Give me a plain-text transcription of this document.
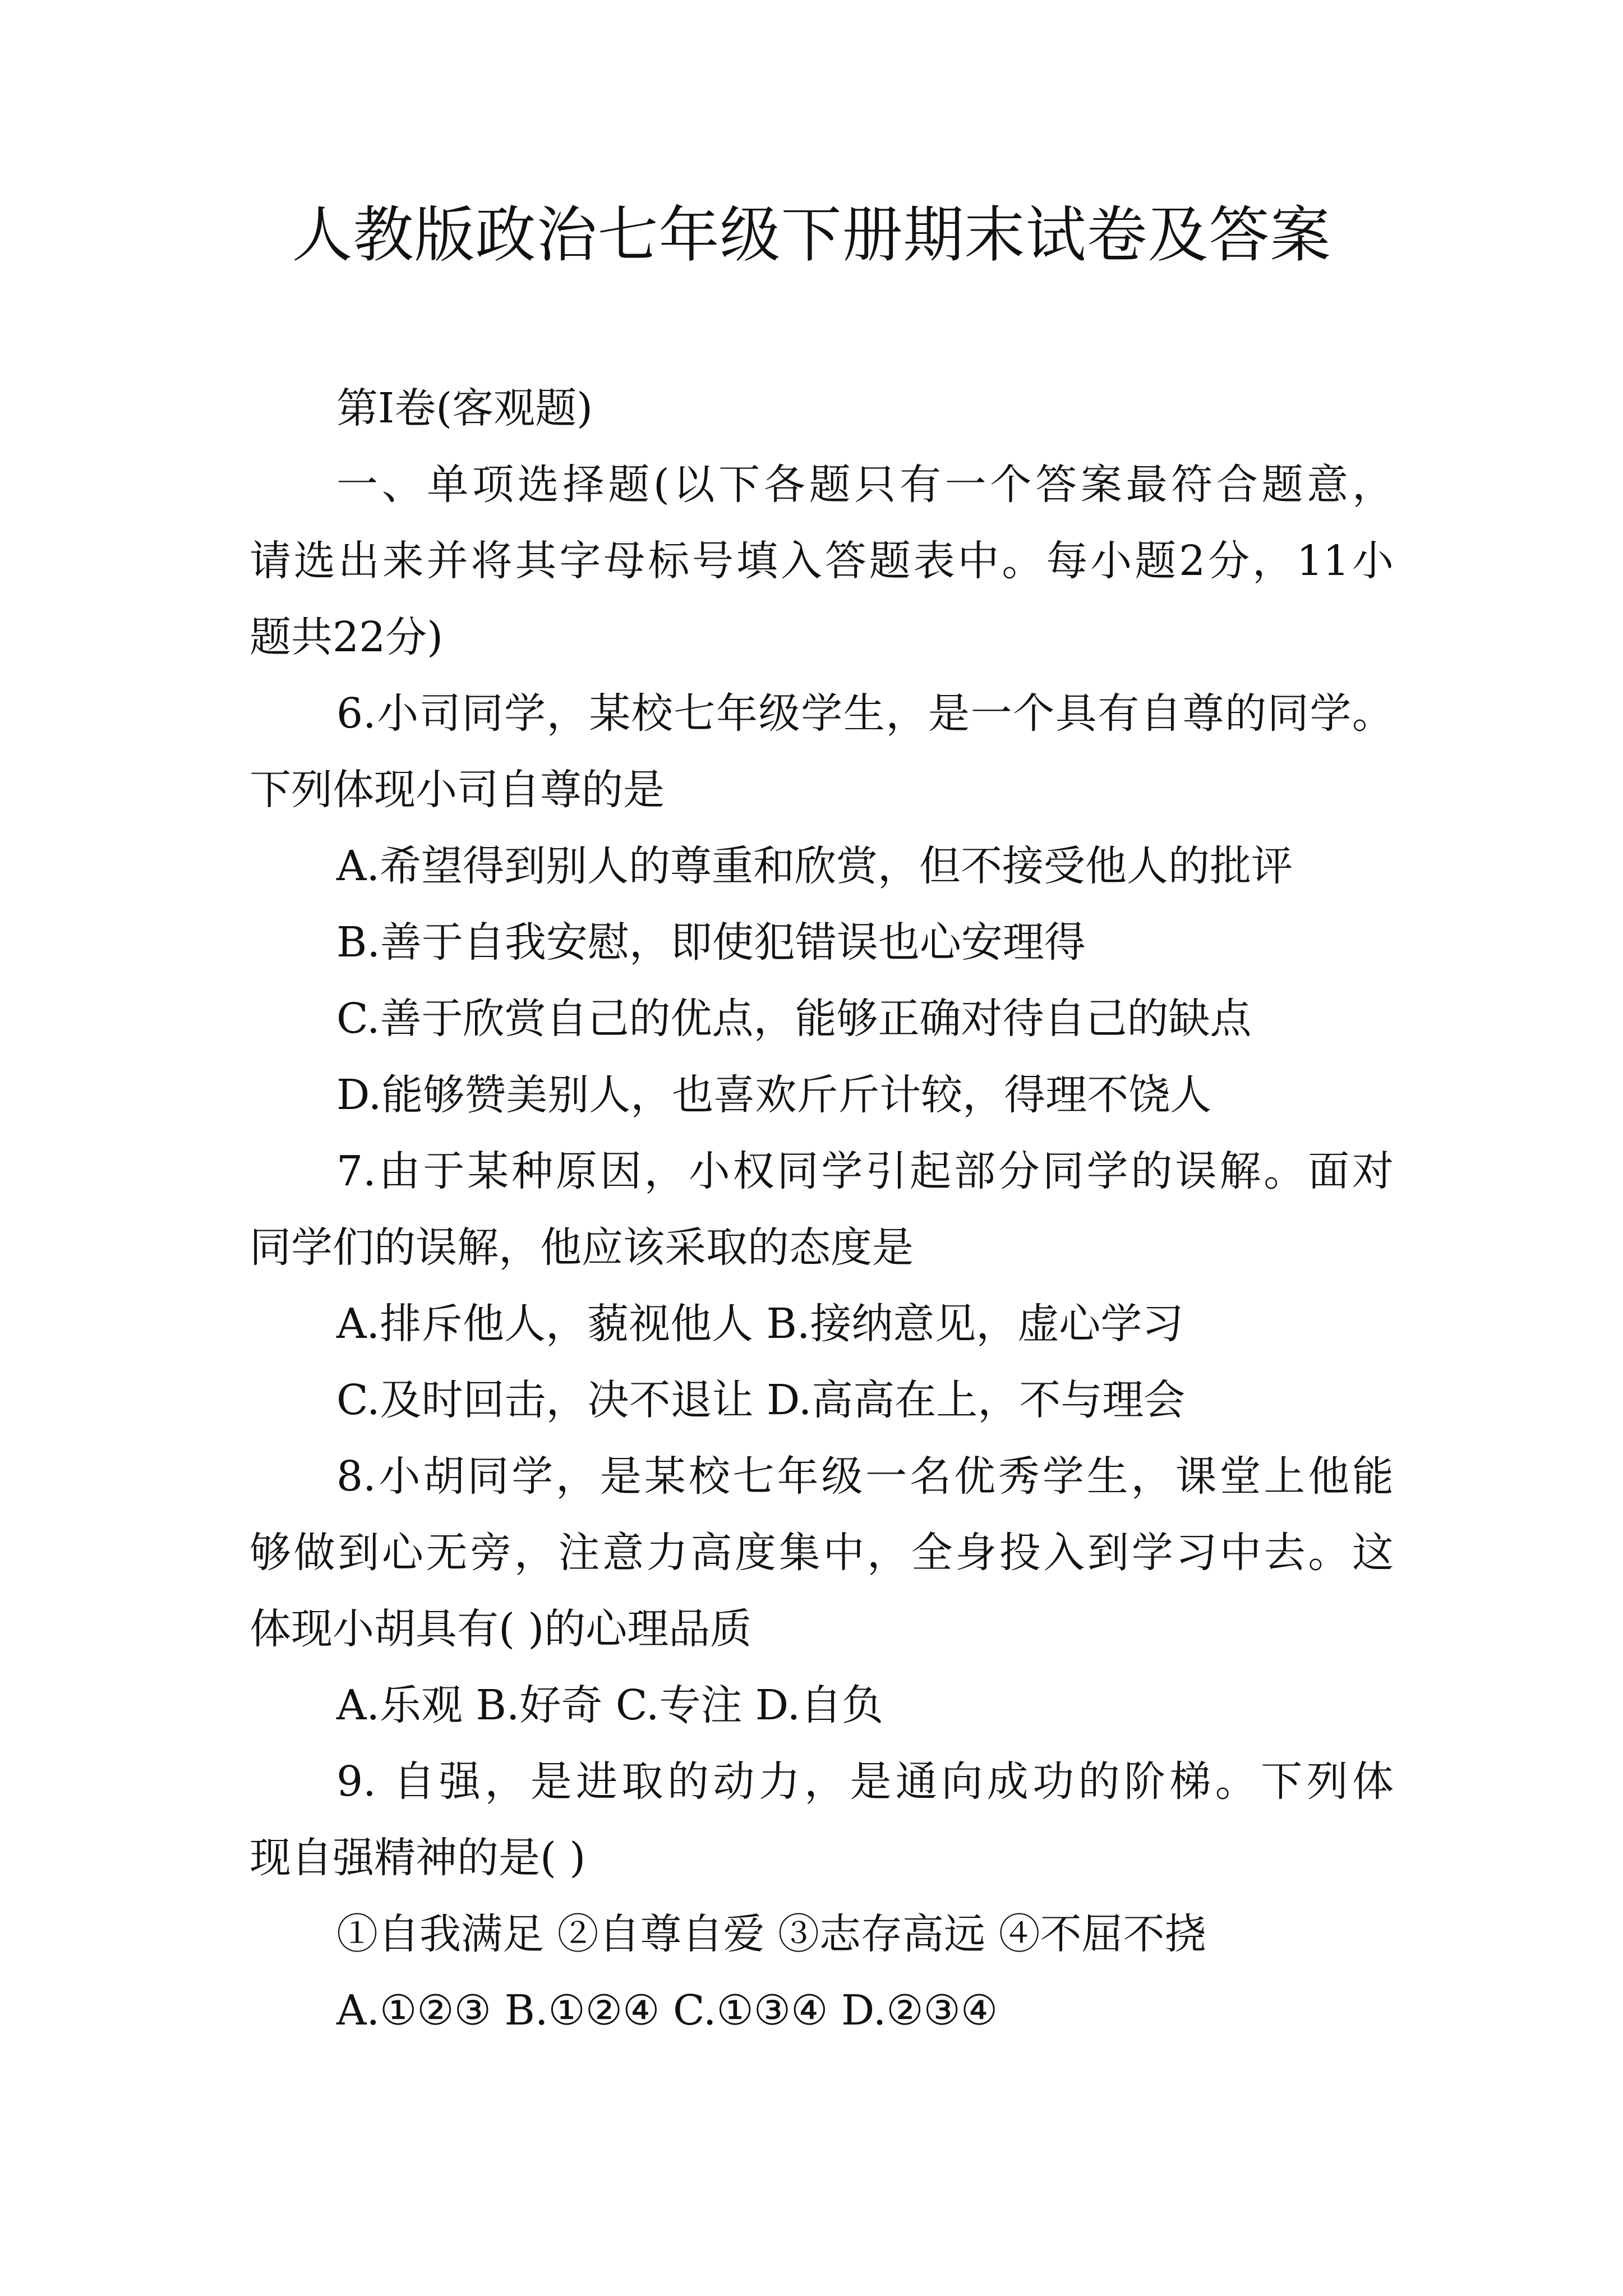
人教版政治七年级下册期末试卷及答案

第Ⅰ卷(客观题)

一、单项选择题(以下各题只有一个答案最符合题意，

请选出来并将其字母标号填入答题表中。每小题2分，11小

题共22分)

6.小司同学，某校七年级学生，是一个具有自尊的同学。

下列体现小司自尊的是

A.希望得到别人的尊重和欣赏，但不接受他人的批评

B.善于自我安慰，即使犯错误也心安理得

C.善于欣赏自己的优点，能够正确对待自己的缺点

D.能够赞美别人，也喜欢斤斤计较，得理不饶人

7.由于某种原因，小权同学引起部分同学的误解。面对

同学们的误解，他应该采取的态度是

A.排斥他人，藐视他人 B.接纳意见，虚心学习

C.及时回击，决不退让 D.高高在上，不与理会

8.小胡同学，是某校七年级一名优秀学生，课堂上他能

够做到心无旁，注意力高度集中，全身投入到学习中去。这

体现小胡具有( )的心理品质

A.乐观 B.好奇 C.专注 D.自负

9. 自强，是进取的动力，是通向成功的阶梯。下列体

现自强精神的是( )

①自我满足 ②自尊自爱 ③志存高远 ④不屈不挠

A.①②③ B.①②④ C.①③④ D.②③④
